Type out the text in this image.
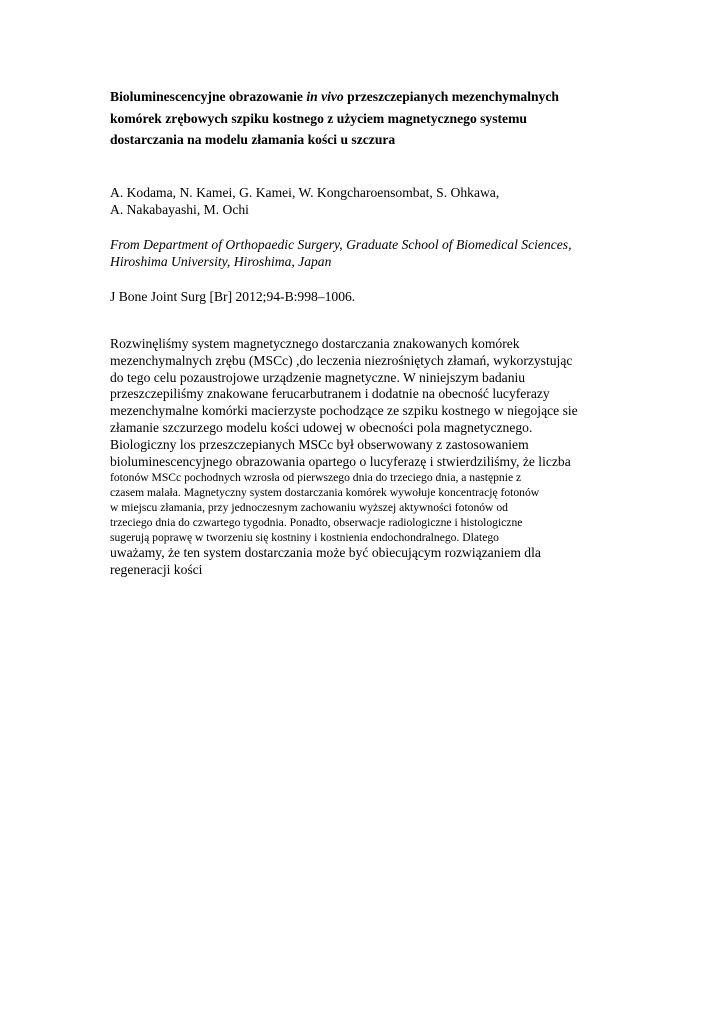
Bioluminescencyjne obrazowanie in vivo przeszczepianych mezenchymalnych
komórek zrębowych szpiku kostnego z użyciem magnetycznego systemu
dostarczania na modelu złamania kości u szczura
A. Kodama, N. Kamei, G. Kamei, W. Kongcharoensombat, S. Ohkawa,
A. Nakabayashi, M. Ochi
From Department of Orthopaedic Surgery, Graduate School of Biomedical Sciences,
Hiroshima University, Hiroshima, Japan
J Bone Joint Surg [Br] 2012;94-B:998–1006.
Rozwinęliśmy system magnetycznego dostarczania znakowanych komórek
mezenchymalnych zrębu (MSCc) ,do leczenia niezrośniętych złamań, wykorzystując
do tego celu pozaustrojowe urządzenie magnetyczne. W niniejszym badaniu
przeszczepiliśmy znakowane ferucarbutranem i dodatnie na obecność lucyferazy
mezenchymalne komórki macierzyste pochodzące ze szpiku kostnego w niegojące sie
złamanie szczurzego modelu kości udowej w obecności pola magnetycznego.
Biologiczny los przeszczepianych MSCc był obserwowany z zastosowaniem
bioluminescencyjnego obrazowania opartego o lucyferazę i stwierdziliśmy, że liczba
fotonów MSCc pochodnych wzrosła od pierwszego dnia do trzeciego dnia, a następnie z
czasem malała. Magnetyczny system dostarczania komórek wywołuje koncentrację fotonów
w miejscu złamania, przy jednoczesnym zachowaniu wyższej aktywności fotonów od
trzeciego dnia do czwartego tygodnia. Ponadto, obserwacje radiologiczne i histologiczne
sugerują poprawę w tworzeniu się kostniny i kostnienia endochondralnego. Dlatego
uważamy, że ten system dostarczania może być obiecującym rozwiązaniem dla
regeneracji kości
